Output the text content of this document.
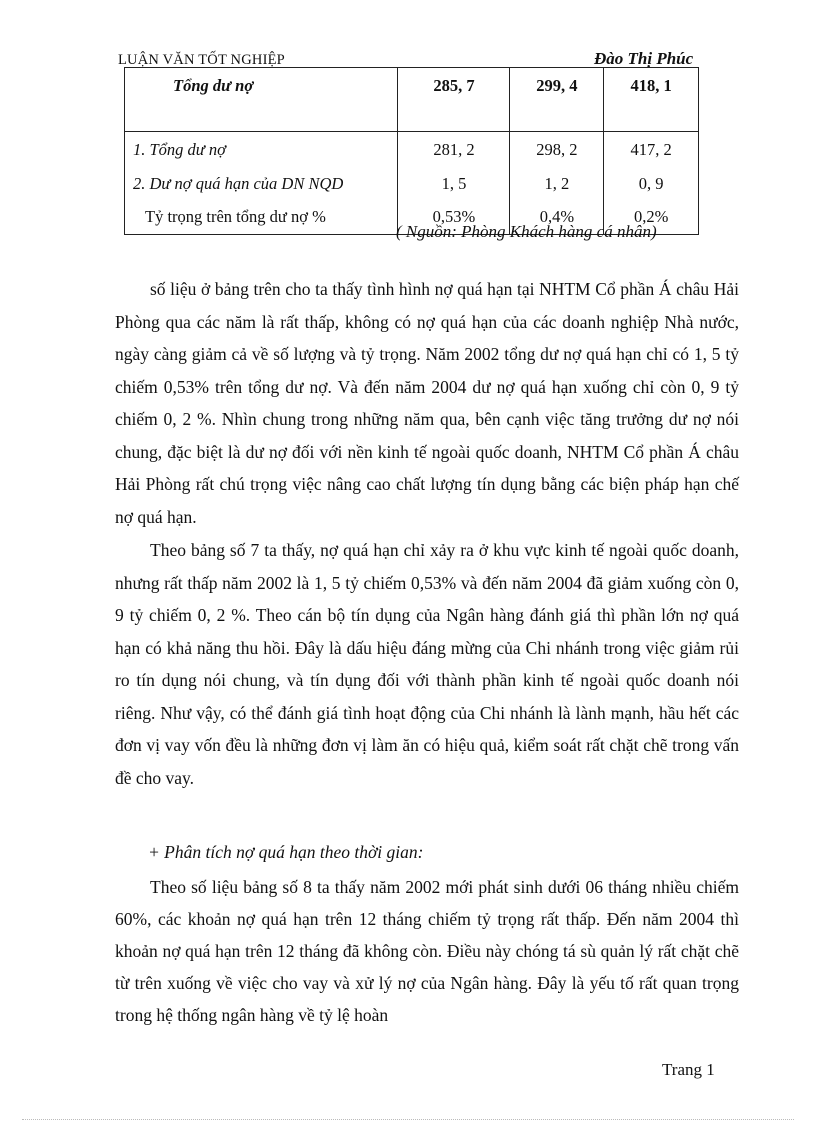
LUẬN VĂN TỐT NGHIỆP	Đào Thị Phúc
Tổng dư nợ	285, 7	299, 4	418, 1
1. Tổng dư nợ	281, 2	298, 2	417, 2
2. Dư nợ quá hạn của DN NQD	1, 5	1, 2	0, 9
Tỷ trọng trên tổng dư nợ %	0,53%	0,4%	0,2%
( Nguồn: Phòng Khách hàng cá nhân)

số liệu ở bảng trên cho ta thấy tình hình nợ quá hạn tại NHTM Cổ phần Á châu Hải Phòng qua các năm là rất thấp, không có nợ quá hạn của các doanh nghiệp Nhà nước, ngày càng giảm cả về số lượng và tỷ trọng. Năm 2002 tổng dư nợ quá hạn chỉ có 1, 5 tỷ chiếm 0,53% trên tổng dư nợ. Và đến năm 2004 dư nợ quá hạn xuống chỉ còn 0, 9 tỷ chiếm 0, 2 %. Nhìn chung trong những năm qua, bên cạnh việc tăng trưởng dư nợ nói chung, đặc biệt là dư nợ đối với nền kinh tế ngoài quốc doanh, NHTM Cổ phần Á châu Hải Phòng rất chú trọng việc nâng cao chất lượng tín dụng bằng các biện pháp hạn chế nợ quá hạn.

Theo bảng số 7 ta thấy, nợ quá hạn chỉ xảy ra ở khu vực kinh tế ngoài quốc doanh, nhưng rất thấp năm 2002 là 1, 5 tỷ chiếm 0,53% và đến năm 2004 đã giảm xuống còn 0, 9 tỷ chiếm 0, 2 %. Theo cán bộ tín dụng của Ngân hàng đánh giá thì phần lớn nợ quá hạn có khả năng thu hồi. Đây là dấu hiệu đáng mừng của Chi nhánh trong việc giảm rủi ro tín dụng nói chung, và tín dụng đối với thành phần kinh tế ngoài quốc doanh nói riêng. Như vậy, có thể đánh giá tình hoạt động của Chi nhánh là lành mạnh, hầu hết các đơn vị vay vốn đều là những đơn vị làm ăn có hiệu quả, kiểm soát rất chặt chẽ trong vấn đề cho vay.

+ Phân tích nợ quá hạn theo thời gian:

Theo số liệu bảng số 8 ta thấy năm 2002 mới phát sinh dưới 06 tháng nhiều chiếm 60%, các khoản nợ quá hạn trên 12 tháng chiếm tỷ trọng rất thấp. Đến năm 2004 thì khoản nợ quá hạn trên 12 tháng đã không còn. Điều này chóng tá sù quản lý rất chặt chẽ từ trên xuống về việc cho vay và xử lý nợ của Ngân hàng. Đây là yếu tố rất quan trọng trong hệ thống ngân hàng về tỷ lệ hoàn

Trang 1
